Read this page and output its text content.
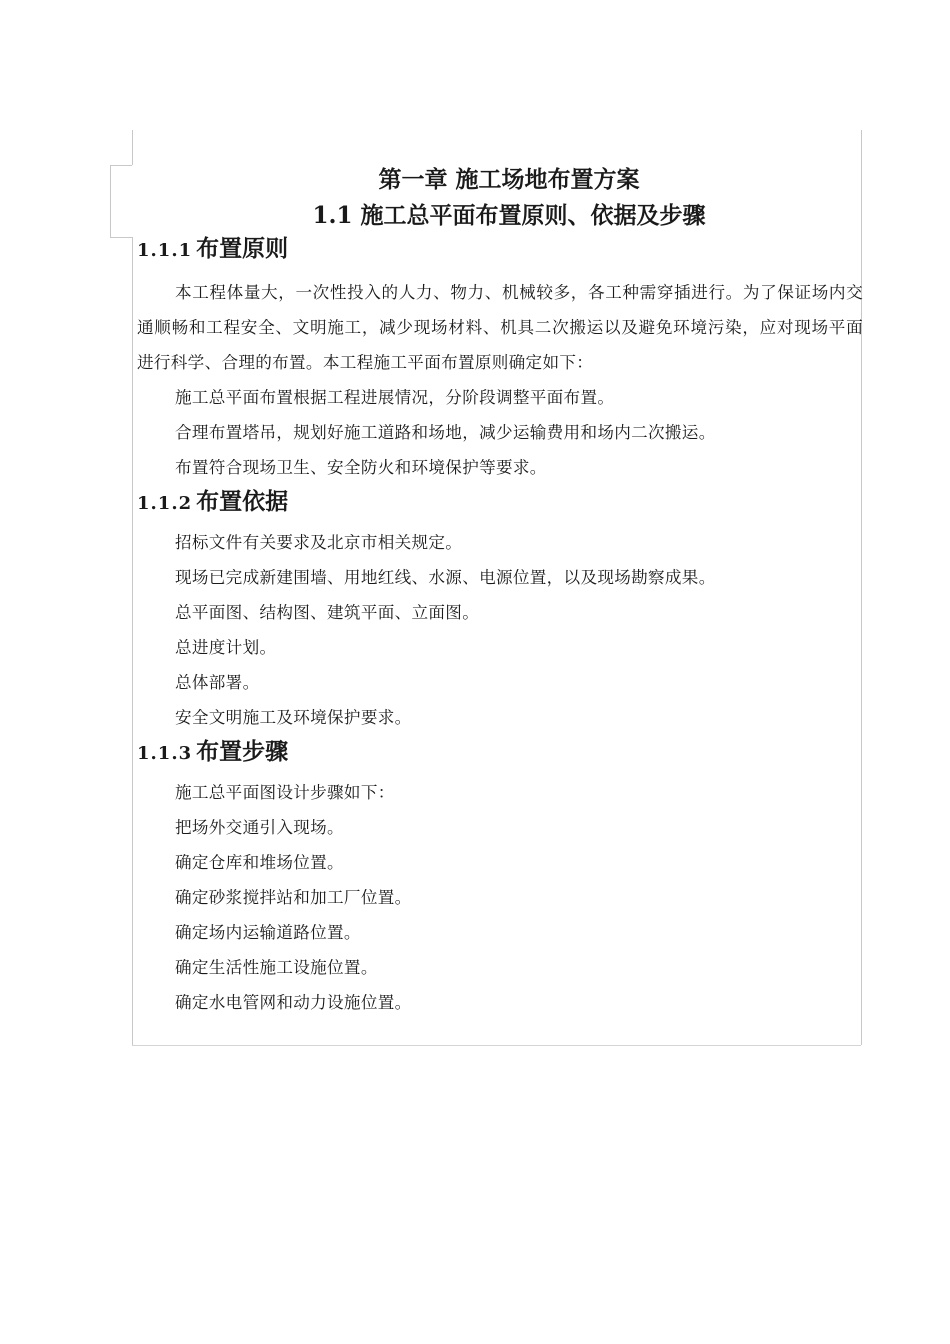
第一章 施工场地布置方案
1.1 施工总平面布置原则、依据及步骤
1.1.1 布置原则

本工程体量大，一次性投入的人力、物力、机械较多，各工种需穿插进行。为了保证场内交通顺畅和工程安全、文明施工，减少现场材料、机具二次搬运以及避免环境污染，应对现场平面进行科学、合理的布置。本工程施工平面布置原则确定如下：

施工总平面布置根据工程进展情况，分阶段调整平面布置。

合理布置塔吊，规划好施工道路和场地，减少运输费用和场内二次搬运。

布置符合现场卫生、安全防火和环境保护等要求。

1.1.2 布置依据

招标文件有关要求及北京市相关规定。

现场已完成新建围墙、用地红线、水源、电源位置，以及现场勘察成果。

总平面图、结构图、建筑平面、立面图。

总进度计划。

总体部署。

安全文明施工及环境保护要求。

1.1.3 布置步骤

施工总平面图设计步骤如下：

把场外交通引入现场。

确定仓库和堆场位置。

确定砂浆搅拌站和加工厂位置。

确定场内运输道路位置。

确定生活性施工设施位置。

确定水电管网和动力设施位置。
